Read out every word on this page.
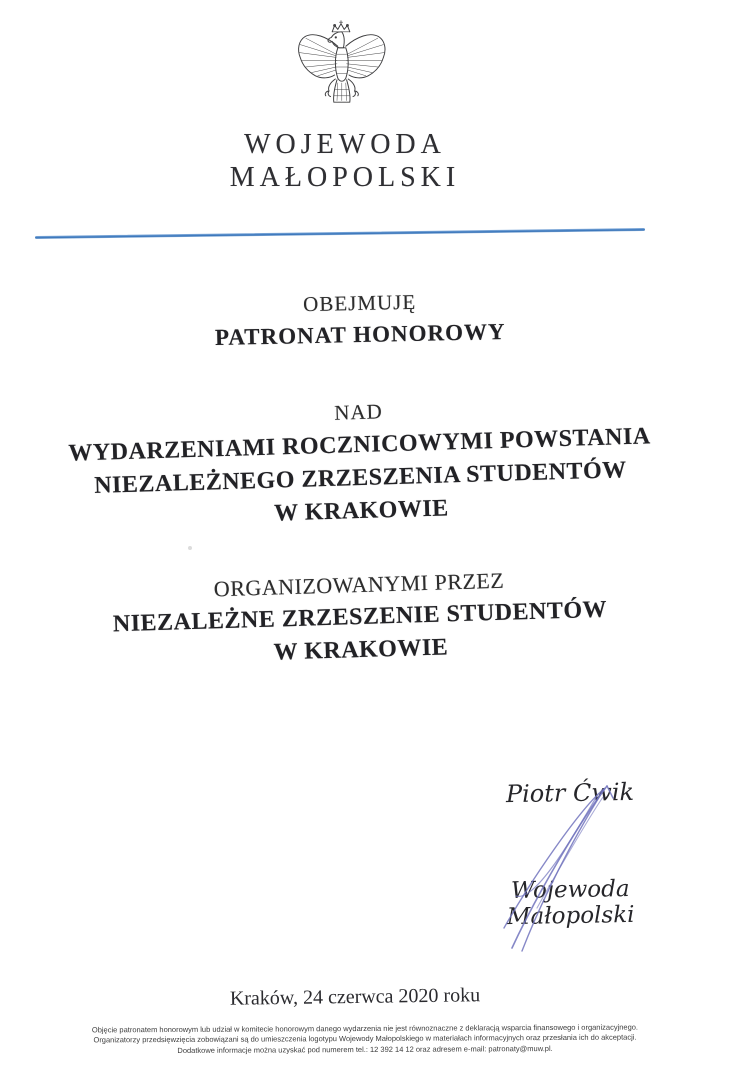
WOJEWODA
MAŁOPOLSKI
OBEJMUJĘ
PATRONAT HONOROWY
NAD
WYDARZENIAMI ROCZNICOWYMI POWSTANIA
NIEZALEŻNEGO ZRZESZENIA STUDENTÓW
W KRAKOWIE
ORGANIZOWANYMI PRZEZ
NIEZALEŻNE ZRZESZENIE STUDENTÓW
W KRAKOWIE
Piotr Ćwik
Wojewoda Małopolski
Kraków, 24 czerwca 2020 roku
Objęcie patronatem honorowym lub udział w komitecie honorowym danego wydarzenia nie jest równoznaczne z deklaracją wsparcia finansowego i organizacyjnego.
Organizatorzy przedsięwzięcia zobowiązani są do umieszczenia logotypu Wojewody Małopolskiego w materiałach informacyjnych oraz przesłania ich do akceptacji.
Dodatkowe informacje można uzyskać pod numerem tel.: 12 392 14 12 oraz adresem e-mail: patronaty@muw.pl.
